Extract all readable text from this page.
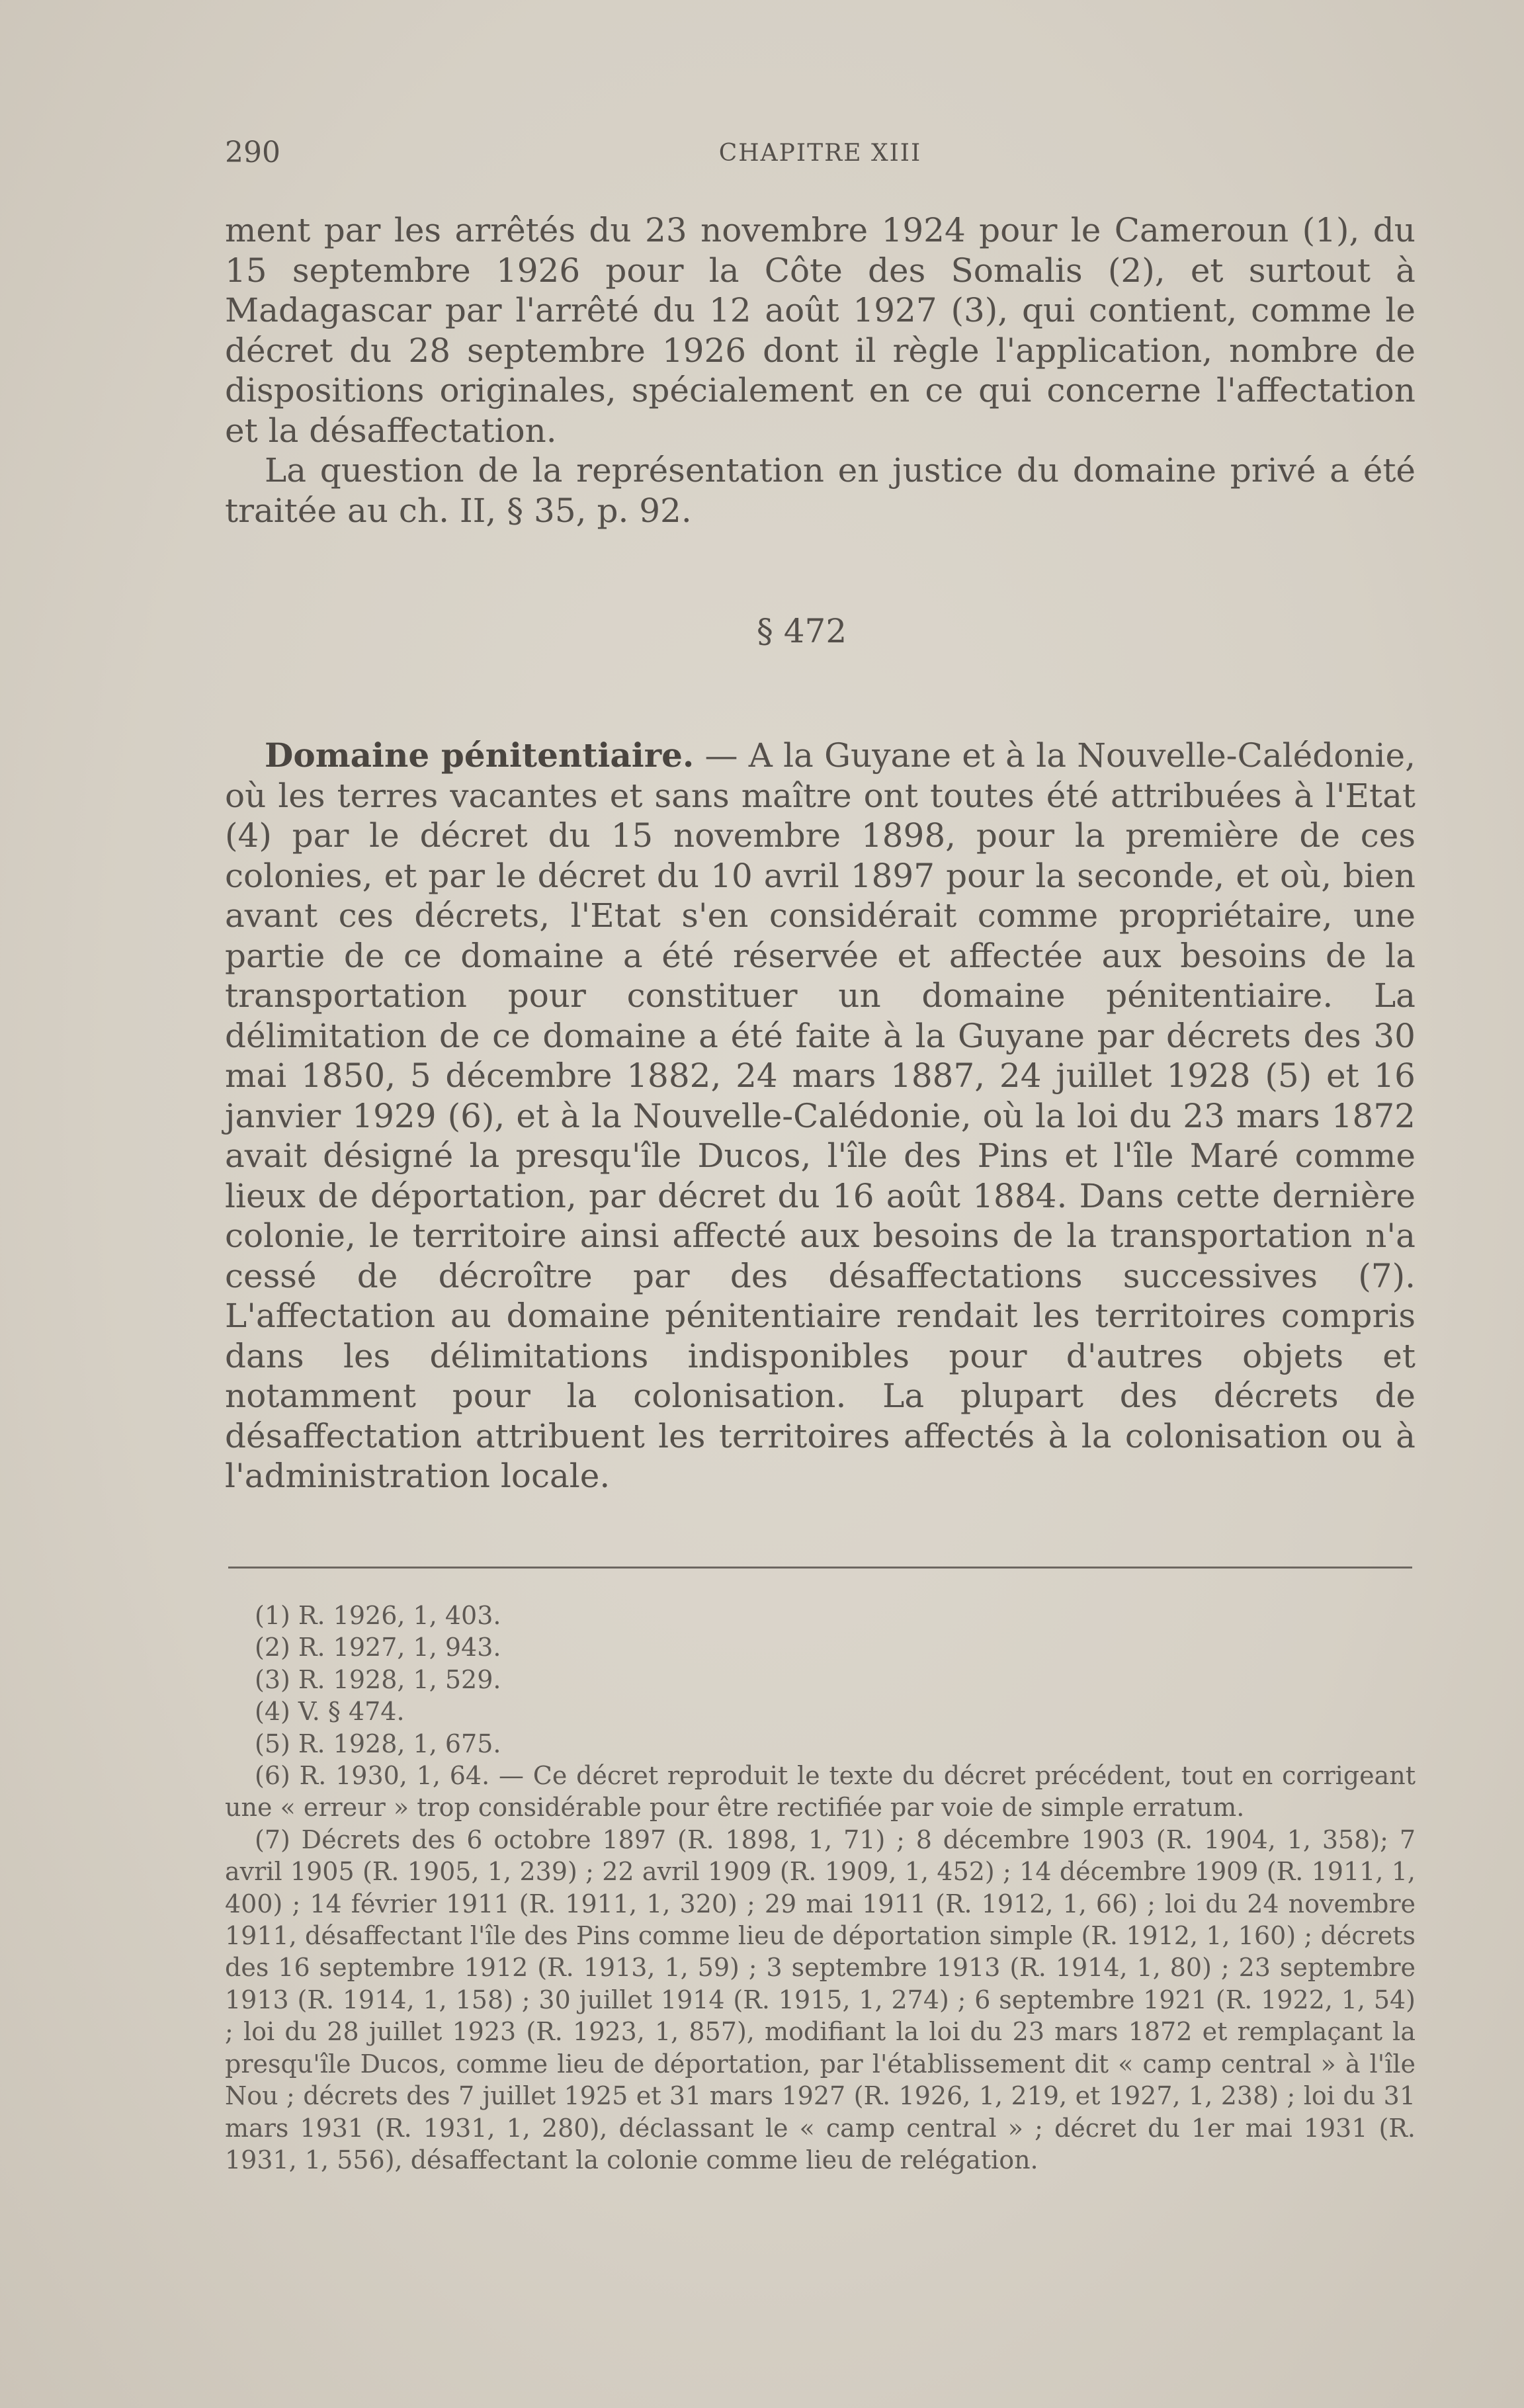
290	CHAPITRE XIII

ment par les arrêtés du 23 novembre 1924 pour le Cameroun (1), du 15 septembre 1926 pour la Côte des Somalis (2), et surtout à Madagascar par l'arrêté du 12 août 1927 (3), qui contient, comme le décret du 28 septembre 1926 dont il règle l'application, nombre de dispositions originales, spécialement en ce qui concerne l'affectation et la désaffectation.

La question de la représentation en justice du domaine privé a été traitée au ch. II, § 35, p. 92.

§ 472

Domaine pénitentiaire. — A la Guyane et à la Nouvelle-Calédonie, où les terres vacantes et sans maître ont toutes été attribuées à l'Etat (4) par le décret du 15 novembre 1898, pour la première de ces colonies, et par le décret du 10 avril 1897 pour la seconde, et où, bien avant ces décrets, l'Etat s'en considérait comme propriétaire, une partie de ce domaine a été réservée et affectée aux besoins de la transportation pour constituer un domaine pénitentiaire. La délimitation de ce domaine a été faite à la Guyane par décrets des 30 mai 1850, 5 décembre 1882, 24 mars 1887, 24 juillet 1928 (5) et 16 janvier 1929 (6), et à la Nouvelle-Calédonie, où la loi du 23 mars 1872 avait désigné la presqu'île Ducos, l'île des Pins et l'île Maré comme lieux de déportation, par décret du 16 août 1884. Dans cette dernière colonie, le territoire ainsi affecté aux besoins de la transportation n'a cessé de décroître par des désaffectations successives (7). L'affectation au domaine pénitentiaire rendait les territoires compris dans les délimitations indisponibles pour d'autres objets et notamment pour la colonisation. La plupart des décrets de désaffectation attribuent les territoires affectés à la colonisation ou à l'administration locale.

(1) R. 1926, 1, 403.

(2) R. 1927, 1, 943.

(3) R. 1928, 1, 529.

(4) V. § 474.

(5) R. 1928, 1, 675.

(6) R. 1930, 1, 64. — Ce décret reproduit le texte du décret précédent, tout en corrigeant une « erreur » trop considérable pour être rectifiée par voie de simple erratum.

(7) Décrets des 6 octobre 1897 (R. 1898, 1, 71) ; 8 décembre 1903 (R. 1904, 1, 358); 7 avril 1905 (R. 1905, 1, 239) ; 22 avril 1909 (R. 1909, 1, 452) ; 14 décembre 1909 (R. 1911, 1, 400) ; 14 février 1911 (R. 1911, 1, 320) ; 29 mai 1911 (R. 1912, 1, 66) ; loi du 24 novembre 1911, désaffectant l'île des Pins comme lieu de déportation simple (R. 1912, 1, 160) ; décrets des 16 septembre 1912 (R. 1913, 1, 59) ; 3 septembre 1913 (R. 1914, 1, 80) ; 23 septembre 1913 (R. 1914, 1, 158) ; 30 juillet 1914 (R. 1915, 1, 274) ; 6 septembre 1921 (R. 1922, 1, 54) ; loi du 28 juillet 1923 (R. 1923, 1, 857), modifiant la loi du 23 mars 1872 et remplaçant la presqu'île Ducos, comme lieu de déportation, par l'établissement dit « camp central » à l'île Nou ; décrets des 7 juillet 1925 et 31 mars 1927 (R. 1926, 1, 219, et 1927, 1, 238) ; loi du 31 mars 1931 (R. 1931, 1, 280), déclassant le « camp central » ; décret du 1er mai 1931 (R. 1931, 1, 556), désaffectant la colonie comme lieu de relégation.
